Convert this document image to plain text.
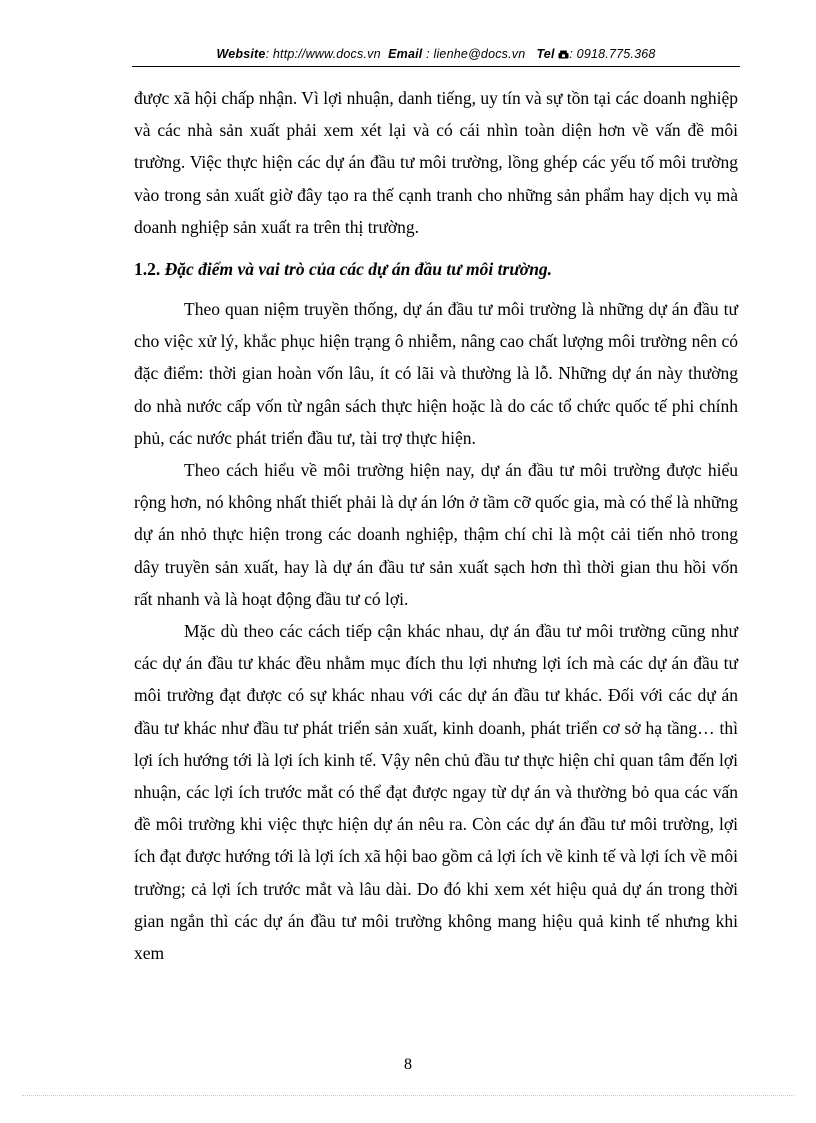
Website: http://www.docs.vn Email : lienhe@docs.vn Tel : 0918.775.368

được xã hội chấp nhận. Vì lợi nhuận, danh tiếng, uy tín và sự tồn tại các doanh nghiệp và các nhà sản xuất phải xem xét lại và có cái nhìn toàn diện hơn về vấn đề môi trường. Việc thực hiện các dự án đầu tư môi trường, lồng ghép các yếu tố môi trường vào trong sản xuất giờ đây tạo ra thế cạnh tranh cho những sản phẩm hay dịch vụ mà doanh nghiệp sản xuất ra trên thị trường.

1.2. Đặc điểm và vai trò của các dự án đầu tư môi trường.

Theo quan niệm truyền thống, dự án đầu tư môi trường là những dự án đầu tư cho việc xử lý, khắc phục hiện trạng ô nhiễm, nâng cao chất lượng môi trường nên có đặc điểm: thời gian hoàn vốn lâu, ít có lãi và thường là lỗ. Những dự án này thường do nhà nước cấp vốn từ ngân sách thực hiện hoặc là do các tổ chức quốc tế phi chính phủ, các nước phát triển đầu tư, tài trợ thực hiện.

Theo cách hiểu về môi trường hiện nay, dự án đầu tư môi trường được hiểu rộng hơn, nó không nhất thiết phải là dự án lớn ở tầm cỡ quốc gia, mà có thể là những dự án nhỏ thực hiện trong các doanh nghiệp, thậm chí chỉ là một cải tiến nhỏ trong dây truyền sản xuất, hay là dự án đầu tư sản xuất sạch hơn thì thời gian thu hồi vốn rất nhanh và là hoạt động đầu tư có lợi.

Mặc dù theo các cách tiếp cận khác nhau, dự án đầu tư môi trường cũng như các dự án đầu tư khác đều nhằm mục đích thu lợi nhưng lợi ích mà các dự án đầu tư môi trường đạt được có sự khác nhau với các dự án đầu tư khác. Đối với các dự án đầu tư khác như đầu tư phát triển sản xuất, kinh doanh, phát triển cơ sở hạ tầng… thì lợi ích hướng tới là lợi ích kinh tế. Vậy nên chủ đầu tư thực hiện chỉ quan tâm đến lợi nhuận, các lợi ích trước mắt có thể đạt được ngay từ dự án và thường bỏ qua các vấn đề môi trường khi việc thực hiện dự án nêu ra. Còn các dự án đầu tư môi trường, lợi ích đạt được hướng tới là lợi ích xã hội bao gồm cả lợi ích về kinh tế và lợi ích về môi trường; cả lợi ích trước mắt và lâu dài. Do đó khi xem xét hiệu quả dự án trong thời gian ngắn thì các dự án đầu tư môi trường không mang hiệu quả kinh tế nhưng khi xem

8
